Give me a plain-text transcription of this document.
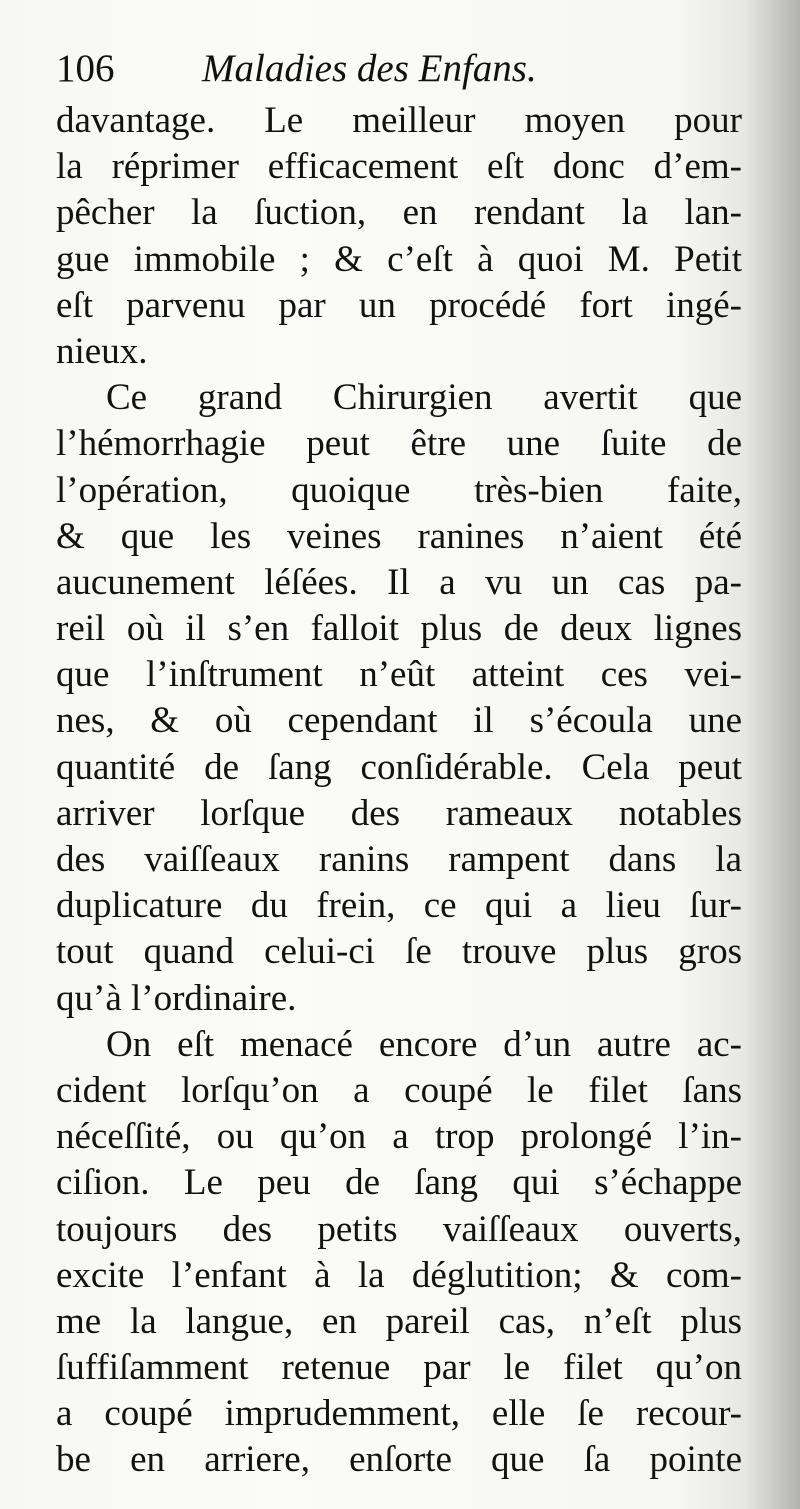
106 Maladies des Enfans.
davantage. Le meilleur moyen pour
la réprimer efficacement eſt donc d’em-
pêcher la ſuction, en rendant la lan-
gue immobile ; & c’eſt à quoi M. Petit
eſt parvenu par un procédé fort ingé-
nieux.
Ce grand Chirurgien avertit que
l’hémorrhagie peut être une ſuite de
l’opération, quoique très-bien faite,
& que les veines ranines n’aient été
aucunement léſées. Il a vu un cas pa-
reil où il s’en falloit plus de deux lignes
que l’inſtrument n’eût atteint ces vei-
nes, & où cependant il s’écoula une
quantité de ſang conſidérable. Cela peut
arriver lorſque des rameaux notables
des vaiſſeaux ranins rampent dans la
duplicature du frein, ce qui a lieu ſur-
tout quand celui-ci ſe trouve plus gros
qu’à l’ordinaire.
On eſt menacé encore d’un autre ac-
cident lorſqu’on a coupé le filet ſans
néceſſité, ou qu’on a trop prolongé l’in-
ciſion. Le peu de ſang qui s’échappe
toujours des petits vaiſſeaux ouverts,
excite l’enfant à la déglutition; & com-
me la langue, en pareil cas, n’eſt plus
ſuffiſamment retenue par le filet qu’on
a coupé imprudemment, elle ſe recour-
be en arriere, enſorte que ſa pointe
